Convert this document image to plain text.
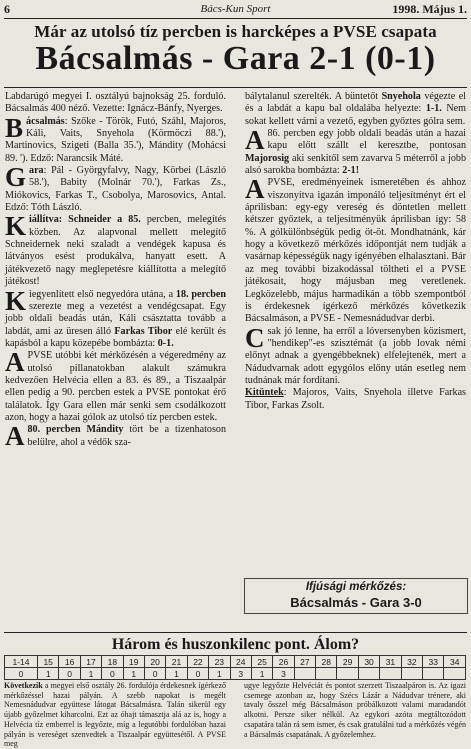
6	Bács-Kun Sport	1998. Május 1.
Már az utolsó tíz percben is harcképes a PVSE csapata
Bácsalmás - Gara 2-1 (0-1)

Labdarúgó megyei I. osztályú bajnokság 25. forduló. Bácsalmás 400 néző. Vezette: Ignácz-Bánfy, Nyerges.

Bácsalmás: Szőke - Török, Futó, Száhl, Majoros, Káli, Vaits, Snyehola (Körmöczi 88.'), Martinovics, Szigeti (Balla 35.'), Mándity (Mohácsi 89. '). Edző: Narancsik Máté.

Gara: Pál - Györgyfalvy, Nagy, Körbei (László 58.'), Babity (Molnár 70.'), Farkas Zs., Miókovics, Farkas T., Csobolya, Marosovics, Antal. Edző: Tóth László.

Kiállítva: Schneider a 85. percben, melegítés közben. Az alapvonal mellett melegítő Schneidernek neki szaladt a vendégek kapusa és látványos esést produkálva, hanyatt esett. A játékvezető nagy meglepetésre kiállította a melegítő játékost!

Kiegyenlített első negyedóra utána, a 18. percben szerezte meg a vezetést a vendégcsapat. Egy jobb oldali beadás után, Káli császtatta tovább a labdát, ami az üresen álló Farkas Tibor elé került és kapásból a kapu közepébe bombázta: 0-1.

A PVSE utóbbi két mérkőzésén a végeredmény az utolsó pillanatokban alakult számukra kedvezően Helvécia ellen a 83. és 89., a Tiszaalpár ellen pedig a 90. percben estek a PVSE pontokat érő találatok. Így Gara ellen már senki sem csodálkozott azon, hogy a hazai gólok az utolsó tíz percben estek.

A 80. percben Mándity tört be a tizenhatoson belülre, ahol a védők sza-

bálytalanul szerelték. A büntetőt Snyehola végezte el és a labdát a kapu bal oldalába helyezte: 1-1. Nem sokat kellett várni a vezető, egyben győztes gólra sem.

A 86. percben egy jobb oldali beadás után a hazai kapu előtt szállt el keresztbe, pontosan Majorosig aki senkitől sem zavarva 5 méterről a jobb alsó sarokba bombázta: 2-1!

A PVSE, eredményeinek ismeretében és ahhoz viszonyítva igazán imponáló teljesítményt ért el áprilisban: egy-egy vereség és döntetlen mellett kétszer győztek, a teljesítményük áprilisban így: 58 %. A gólkülönbségük pedig öt-öt. Mondhatnánk, kár hogy a következő mérkőzés időpontját nem tudják a vasárnap képességük nagy igényében elhalasztani. Bár az meg további bizakodással töltheti el a PVSE játékosait, hogy májusban meg veretlenek. Legközelebb, május harmadikán a több szempontból is érdekesnek ígérkező mérkőzés következik Bácsalmáson, a PVSE - Nemesnádudvar derbi.

Csak jó lenne, ha erről a lóversenyben közismert, "hendikep"-es szisztémát (a jobb lovak némi előnyt adnak a gyengébbeknek) elfelejtenék, mert a Nádudvarnak adott egygólos előny után esetleg nem tudnának már fordítani.

Kitüntek: Majoros, Vaits, Snyehola illetve Farkas Tibor, Farkas Zsolt.

Ifjúsági mérkőzés:
Bácsalmás - Gara 3-0
Három és huszonkilenc pont. Álom?
1-14	15	16	17	18	19	20	21	22	23	24	25	26	27	28	29	30	31	32	33	34
0	1	0	1	0	1	0	1	0	1	3	1	3								
Következik a megyei első osztály 26. fordulója érdekesnek ígérkező mérkőzéssel hazai pályán. A szebb napokat is megélt Nemesnádudvar együttese látogat Bácsalmásra. Talán sikerül egy újabb győzelmet kiharcolni. Ezt az óhajt támasztja alá az is, hogy a Helvécia tíz emberrel is legyőzte, míg a legutóbbi fordulóban hazai pályán is vereséget szenvedtek a Tiszaalpár együttesétől. A PVSE meg
ugye legyőzte Helvéciát és pontot szerzett Tiszaalpáron is. Az igazi csemege azonban az, hogy Szécs Lázár a Nádudvar trénere, aki tavaly ősszel még Bácsalmáson próbálkozott valami maradandót alkotni. Persze siker nélkül. Az egykori azóta megtáltozódott csapatára talán rá sem ismer, és csak gratulálni tud a mérkőzés végén a Bácsalmás csapatának. A győzelemhez.
